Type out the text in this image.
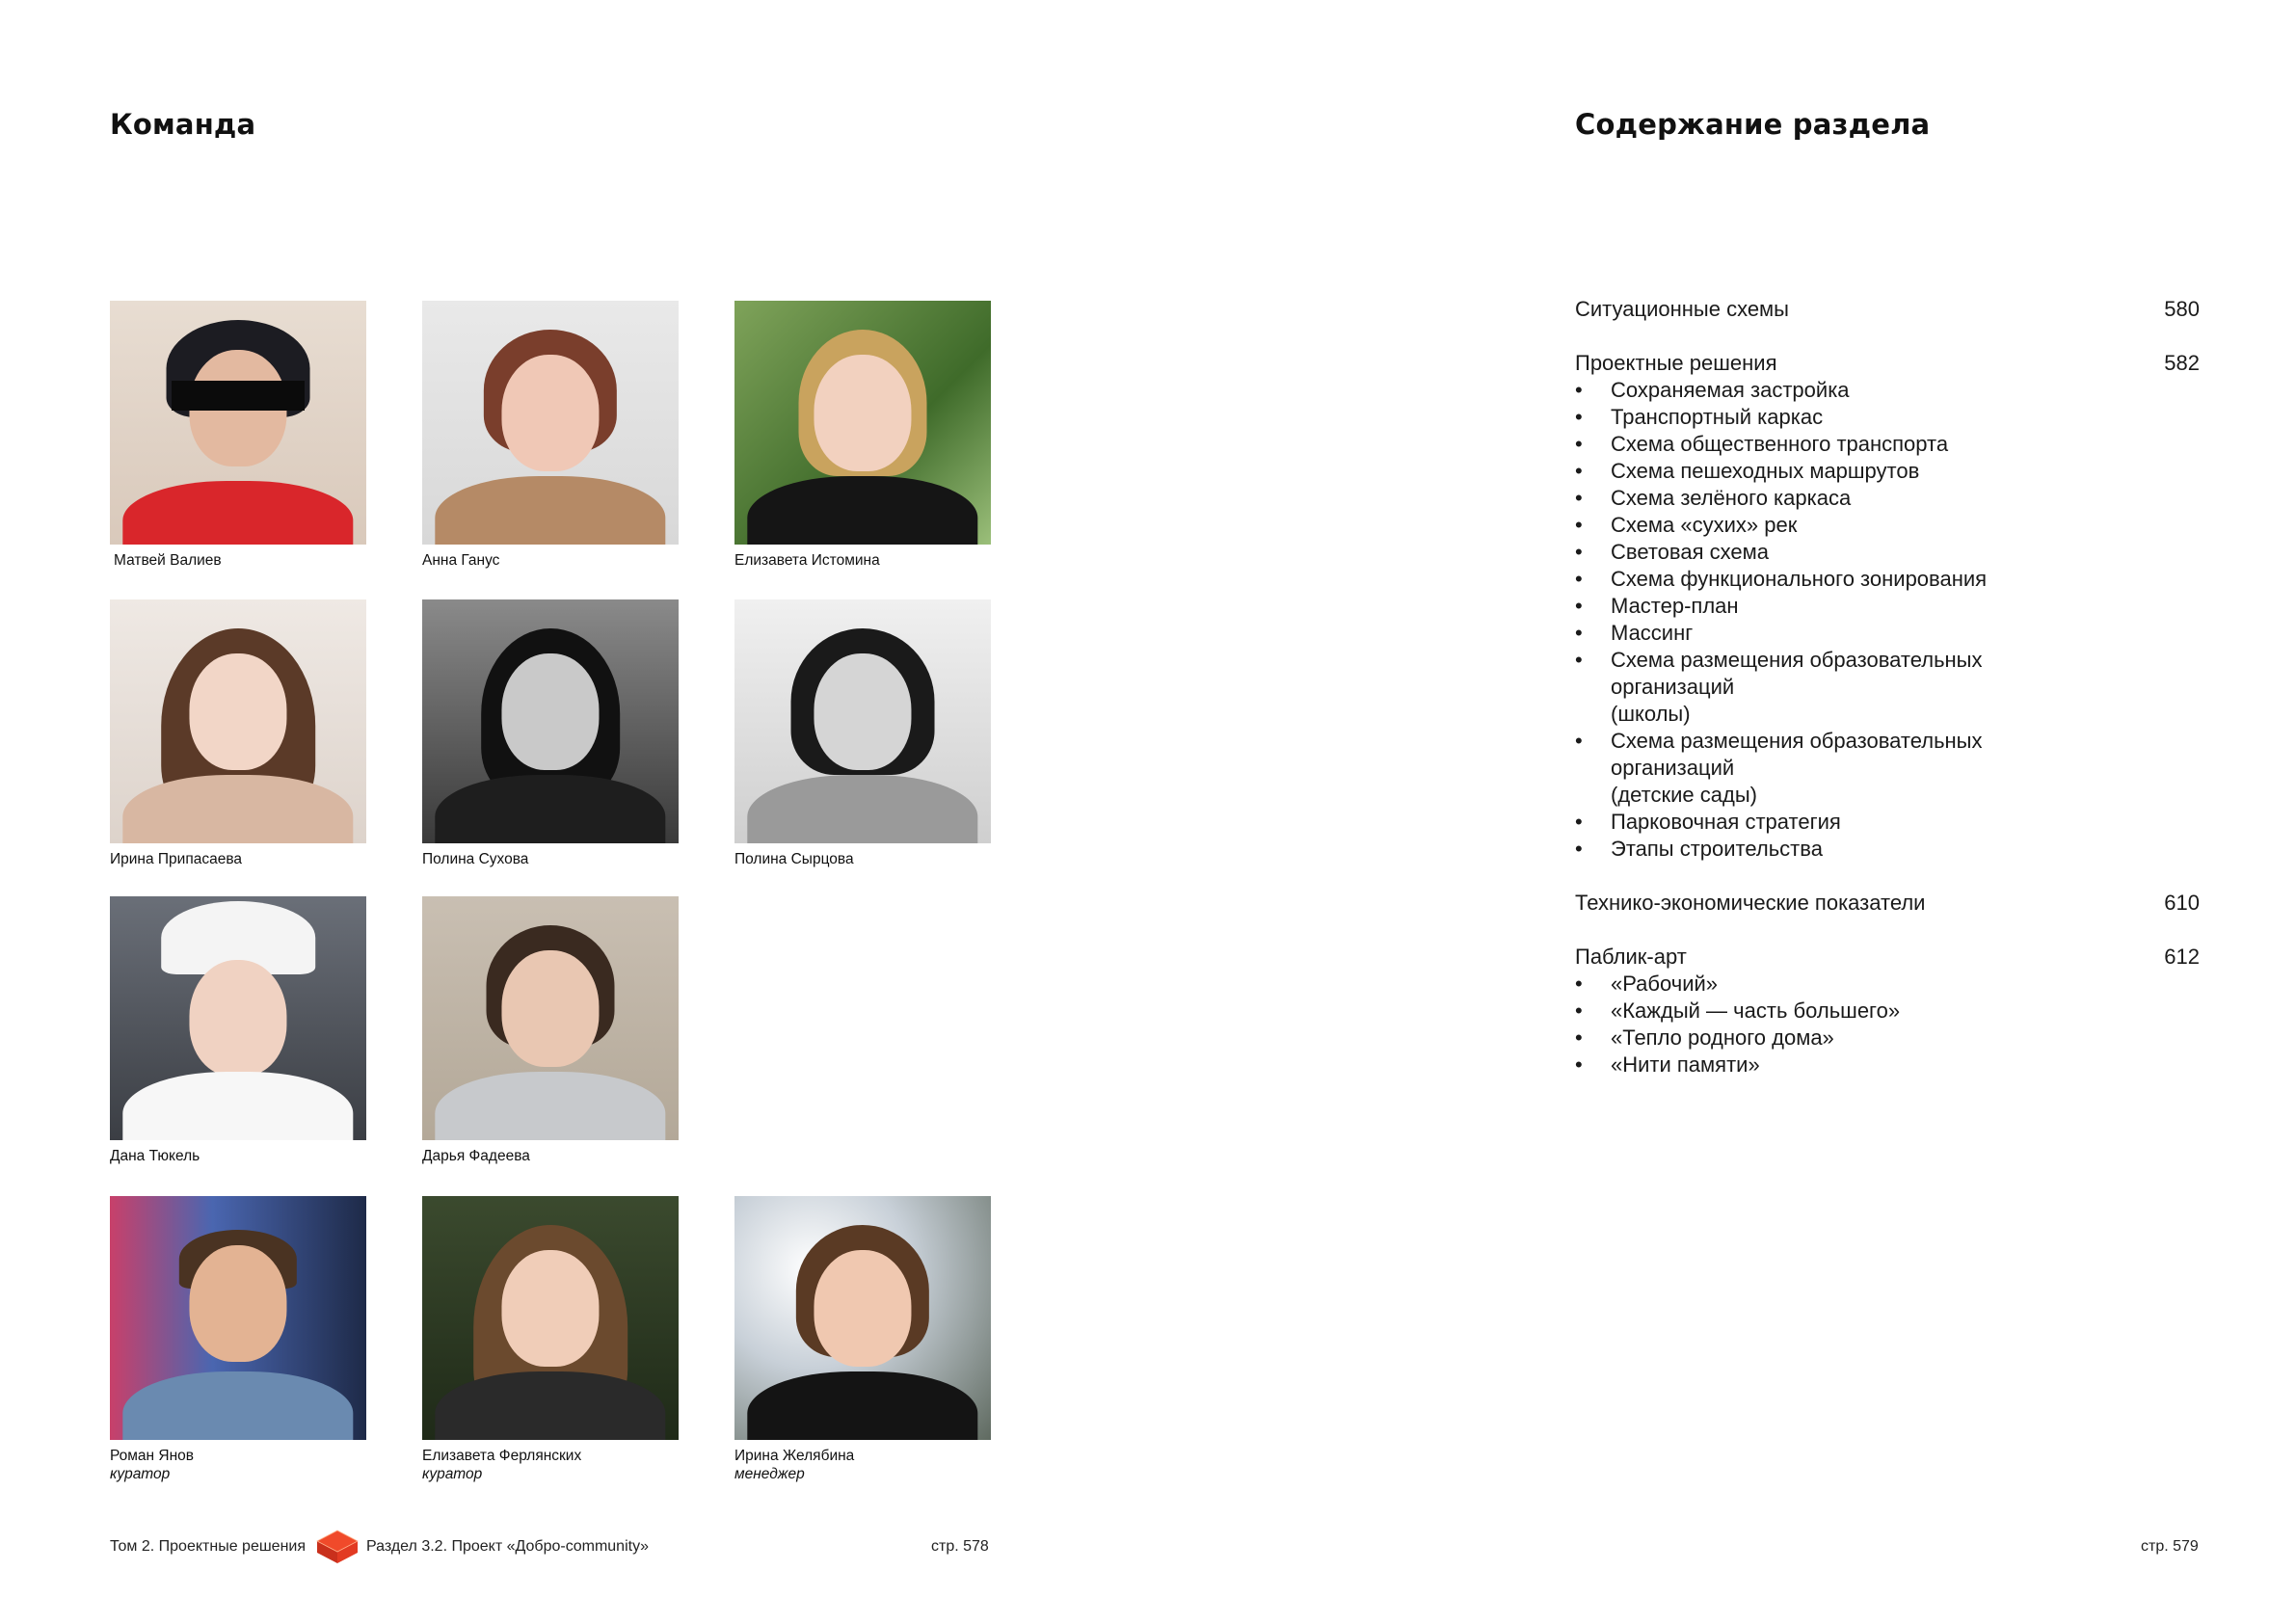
Команда
Матвей Валиев	Анна Ганус	Елизавета Истомина
Ирина Припасаева	Полина Сухова	Полина Сырцова
Дана Тюкель	Дарья Фадеева
Роман Янов
куратор
Елизавета Ферлянских
куратор
Ирина Желябина
менеджер
Том 2. Проектные решения	Раздел 3.2. Проект «Добро-community»	стр. 578
Содержание раздела
Ситуационные схемы	580
Проектные решения	582
• Сохраняемая застройка
• Транспортный каркас
• Схема общественного транспорта
• Схема пешеходных маршрутов
• Схема зелёного каркаса
• Схема «сухих» рек
• Световая схема
• Схема функционального зонирования
• Мастер-план
• Массинг
• Схема размещения образовательных
организаций
(школы)
• Схема размещения образовательных
организаций
(детские сады)
• Парковочная стратегия
• Этапы строительства
Технико-экономические показатели	610
Паблик-арт	612
• «Рабочий»
• «Каждый — часть большего»
• «Тепло родного дома»
• «Нити памяти»
стр. 579
